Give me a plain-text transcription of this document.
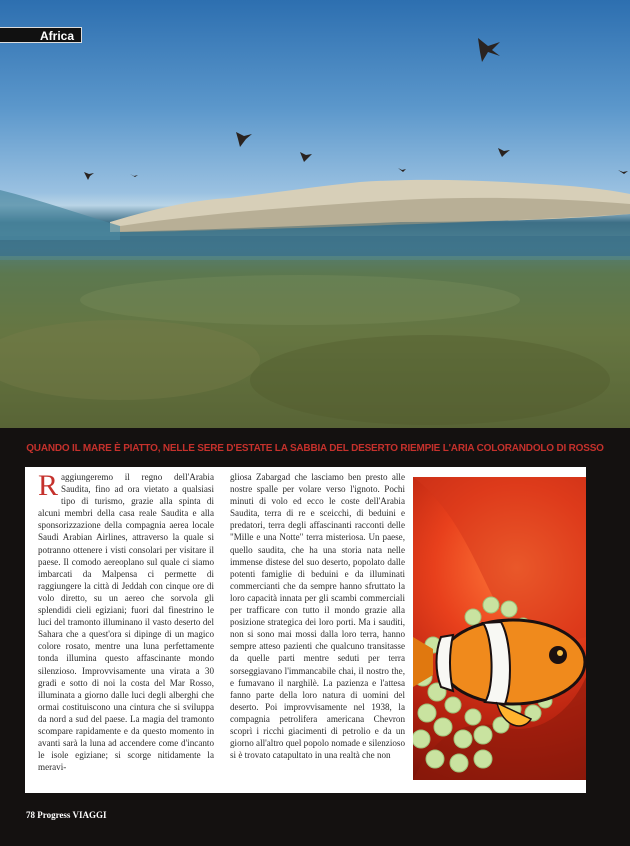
Africa
QUANDO IL MARE È PIATTO, NELLE SERE D'ESTATE LA SABBIA DEL DESERTO RIEMPIE L'ARIA COLORANDOLO DI ROSSO
R aggiungeremo il regno dell'Arabia Saudita, fino ad ora vietato a qualsiasi tipo di turismo, grazie alla spinta di alcuni membri della casa reale Saudita e alla sponsorizzazione della compagnia aerea locale Saudi Arabian Airlines, attraverso la quale si potranno ottenere i visti consolari per visitare il paese. Il comodo aereoplano sul quale ci siamo imbarcati da Malpensa ci permette di raggiungere la città di Jeddah con cinque ore di volo diretto, su un aereo che sorvola gli splendidi cieli egiziani; fuori dal finestrino le luci del tramonto illuminano il vasto deserto del Sahara che a quest'ora si dipinge di un magico colore rosato, mentre una luna perfettamente tonda illumina questo affascinante mondo silenzioso. Improvvisamente una virata a 30 gradi e sotto di noi la costa del Mar Rosso, illuminata a giorno dalle luci degli alberghi che ormai costituiscono una cintura che si sviluppa da nord a sud del paese. La magia del tramonto scompare rapidamente e da questo momento in avanti sarà la luna ad accendere come d'incanto le isole egiziane; si scorge nitidamente la meravi-

gliosa Zabargad che lasciamo ben presto alle nostre spalle per volare verso l'ignoto. Pochi minuti di volo ed ecco le coste dell'Arabia Saudita, terra di re e sceicchi, di beduini e predatori, terra degli affascinanti racconti delle "Mille e una Notte" terra misteriosa. Un paese, quello saudita, che ha una storia nata nelle immense distese del suo deserto, popolato dalle potenti famiglie di beduini e da illuminati commercianti che da sempre hanno sfruttato la loro capacità innata per gli scambi commerciali per trafficare con tutto il mondo grazie alla posizione strategica dei loro porti. Ma i sauditi, non si sono mai mossi dalla loro terra, hanno sempre atteso pazienti che qualcuno transitasse da quelle parti mentre seduti per terra sorseggiavano l'immancabile chai, il nostro the, e fumavano il narghilè. La pazienza e l'attesa fanno parte della loro natura di uomini del deserto. Poi improvvisamente nel 1938, la compagnia petrolifera americana Chevron scoprì i ricchi giacimenti di petrolio e da un giorno all'altro quel popolo nomade e silenzioso si è trovato catapultato in una realtà che non

78 Progress VIAGGI
